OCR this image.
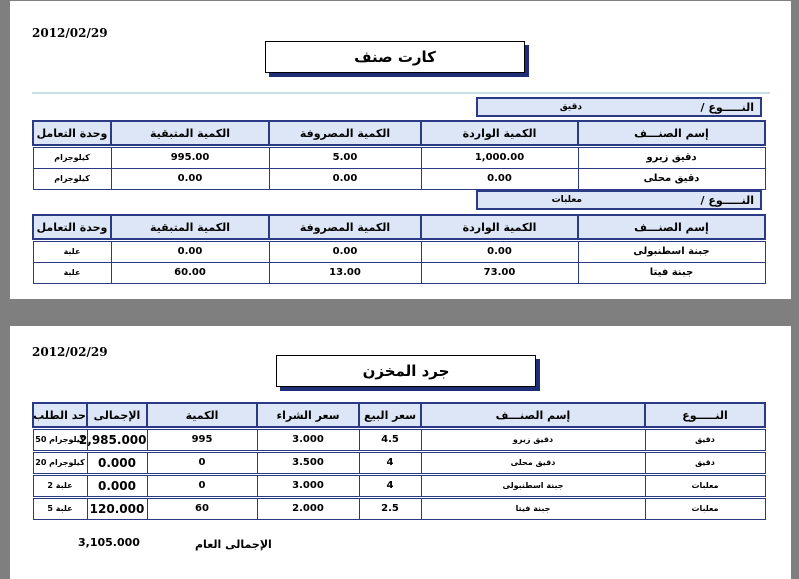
2012/02/29
كارت صنف
النـــــوع /
دقيق
إسم الصنـــف	الكمية الواردة	الكمية المصروفة	الكمية المتبقية	وحدة التعامل

دقيق زيرو	1,000.00	5.00	995.00	كيلوجرام
دقيق محلى	0.00	0.00	0.00	كيلوجرام
النـــــوع /
معلبات
إسم الصنـــف	الكمية الواردة	الكمية المصروفة	الكمية المتبقية	وحدة التعامل

جبنة اسطنبولى	0.00	0.00	0.00	علبة
جبنة فيتا	73.00	13.00	60.00	علبة
2012/02/29
جرد المخزن
النـــــوع	إسم الصنـــف	سعر البيع	سعر الشراء	الكمية	الإجمالى	حد الطلب

دقيق	دقيق زيرو	4.5	3.000	995	2,985.000	كيلوجرام 50

دقيق	دقيق محلى	4	3.500	0	0.000	كيلوجرام 20

معلبات	جبنة اسطنبولى	4	3.000	0	0.000	علبة 2

معلبات	جبنة فيتا	2.5	2.000	60	120.000	علبة 5
الإجمالى العام
3,105.000
